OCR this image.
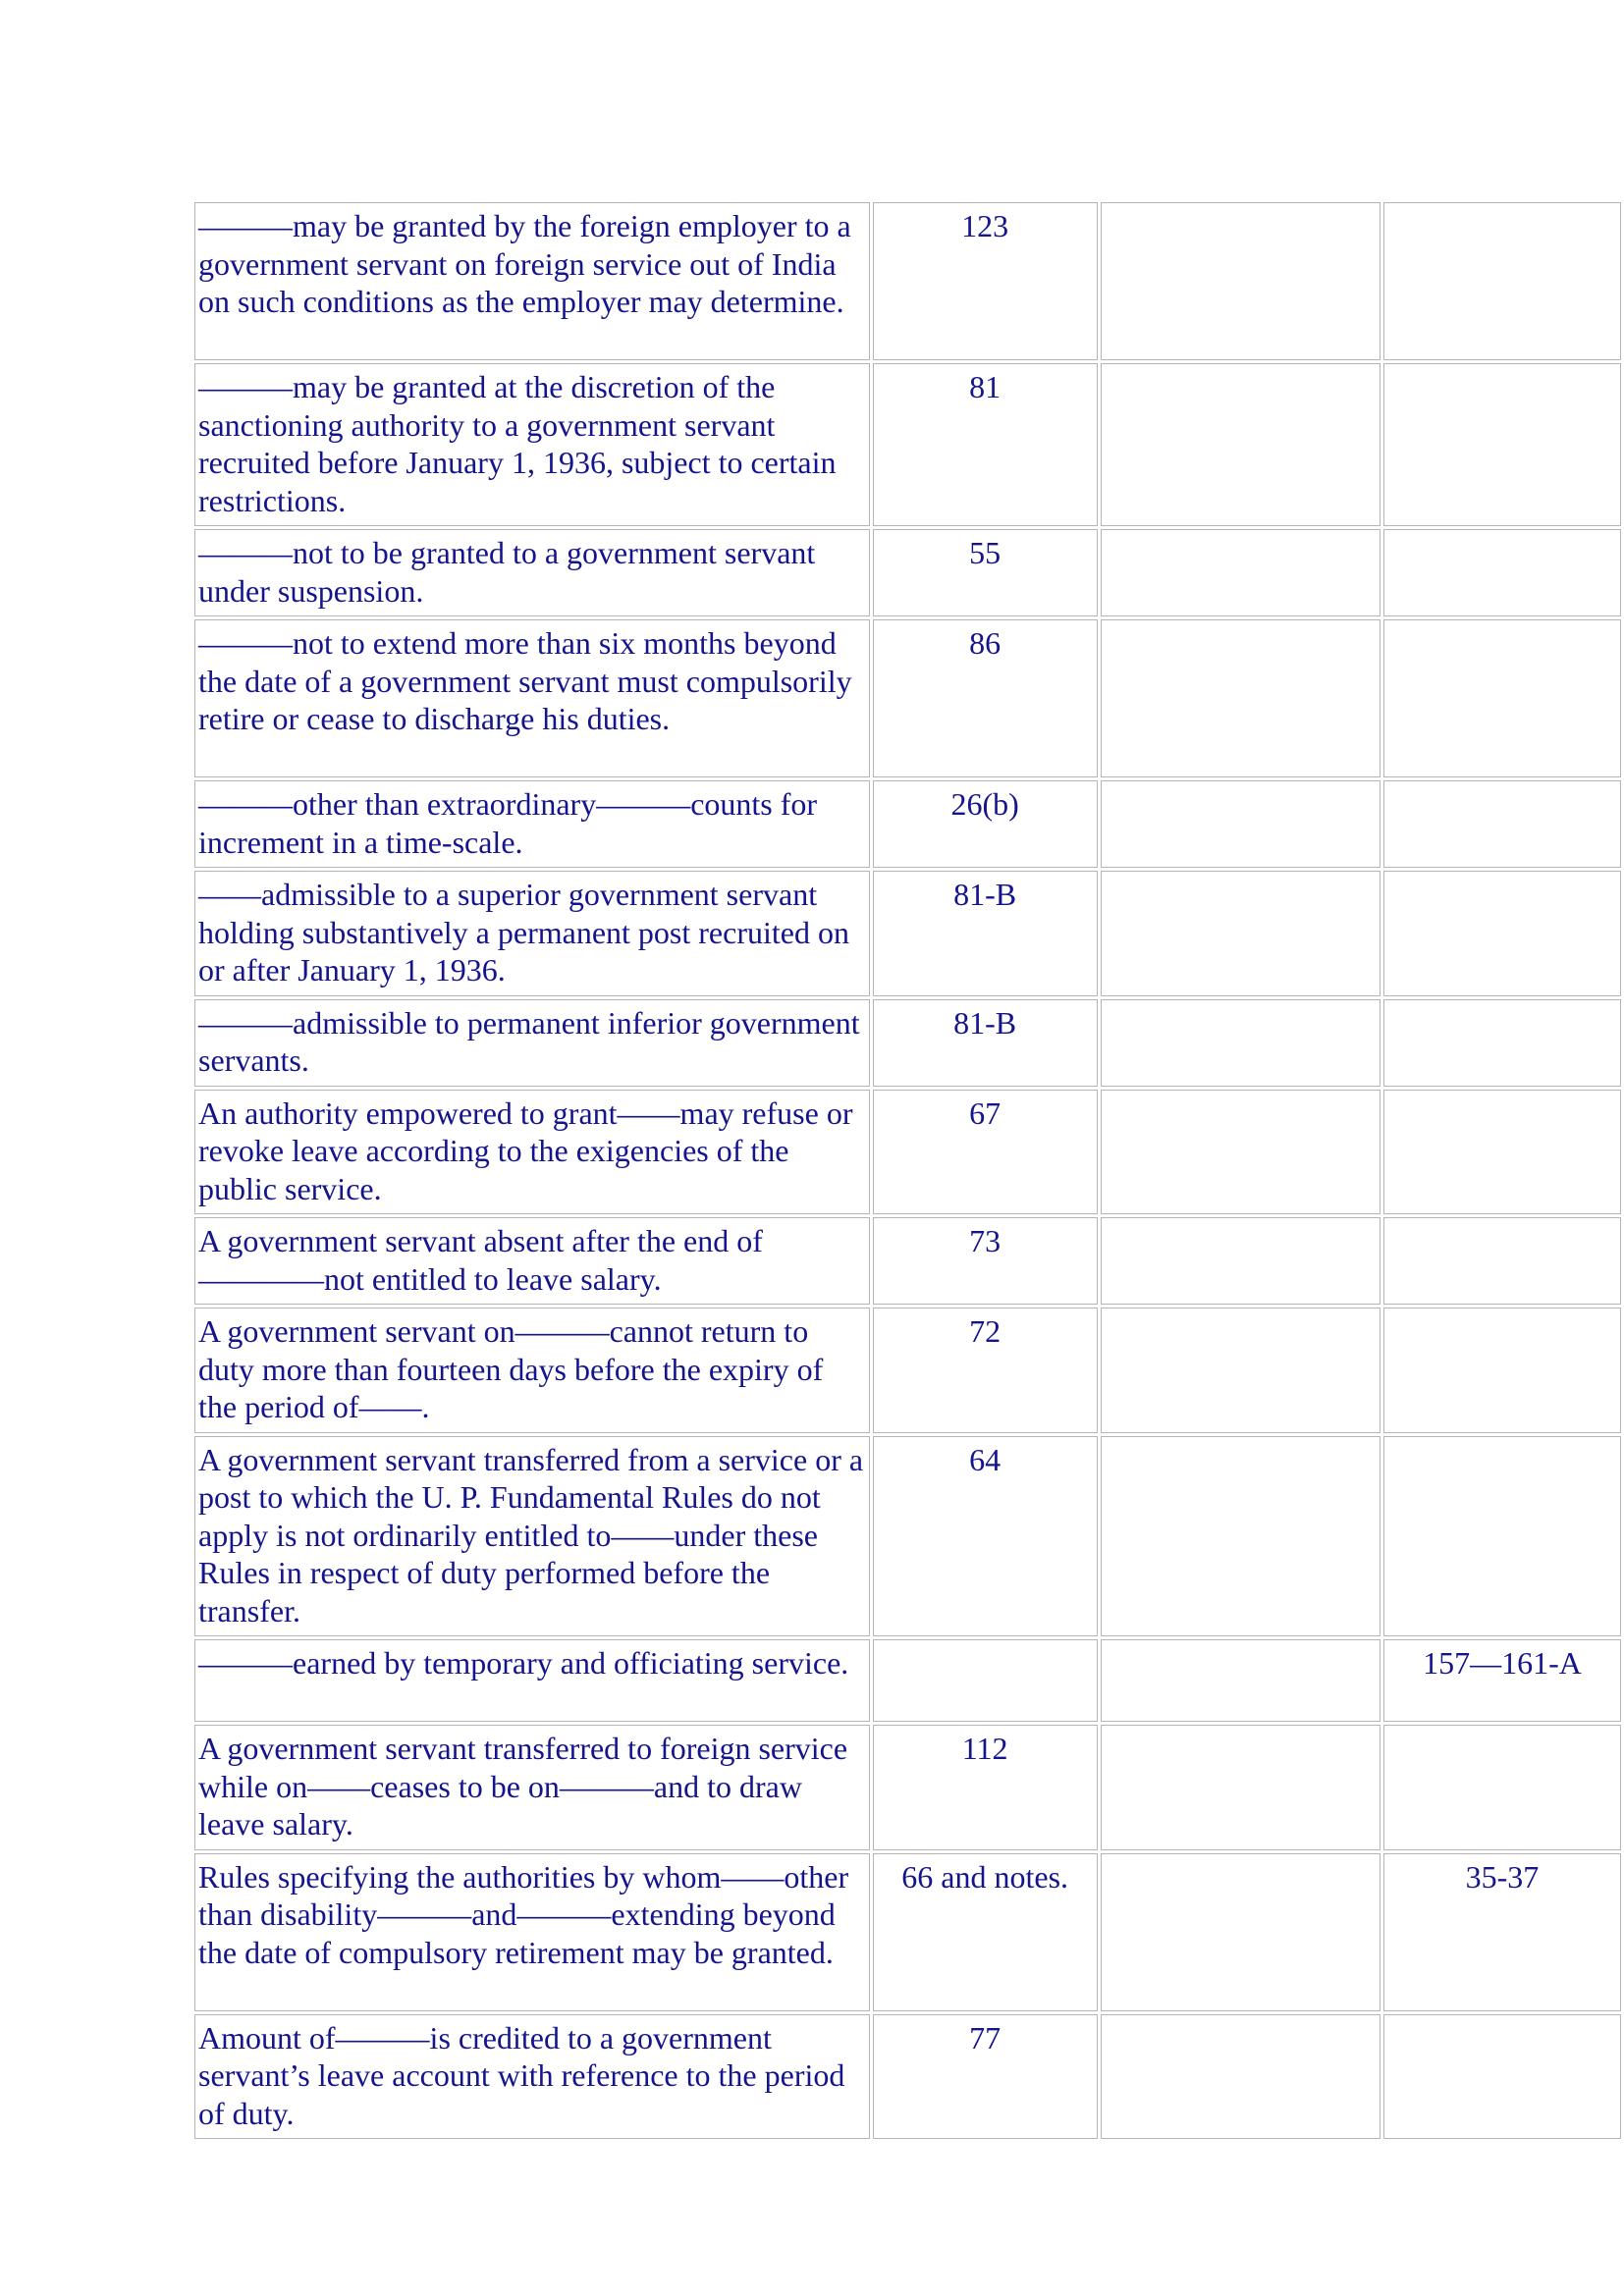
———may be granted by the foreign employer to a government servant on foreign service out of India on such conditions as the employer may determine.	123		
———may be granted at the discretion of the sanctioning authority to a government servant recruited before January 1, 1936, subject to certain restrictions.	81		
———not to be granted to a government servant under suspension.	55		
———not to extend more than six months beyond the date of a government servant must compulsorily retire or cease to discharge his duties.	86		
———other than extraordinary———counts for increment in a time-scale.	26(b)		
——admissible to a superior government servant holding substantively a permanent post recruited on or after January 1, 1936.	81-B		
———admissible to permanent inferior government servants.	81-B		
An authority empowered to grant——may refuse or revoke leave according to the exigencies of the public service.	67		
A government servant absent after the end of————not entitled to leave salary.	73		
A government servant on———cannot return to duty more than fourteen days before the expiry of the period of——.	72		
A government servant transferred from a service or a post to which the U. P. Fundamental Rules do not apply is not ordinarily entitled to——under these Rules in respect of duty performed before the transfer.	64		
———earned by temporary and officiating service.			157—161-A
A government servant transferred to foreign service while on——ceases to be on———and to draw leave salary.	112		
Rules specifying the authorities by whom——other than disability———and———extending beyond the date of compulsory retirement may be granted.	66 and notes.		35-37
Amount of———is credited to a government servant’s leave account with reference to the period of duty.	77		
